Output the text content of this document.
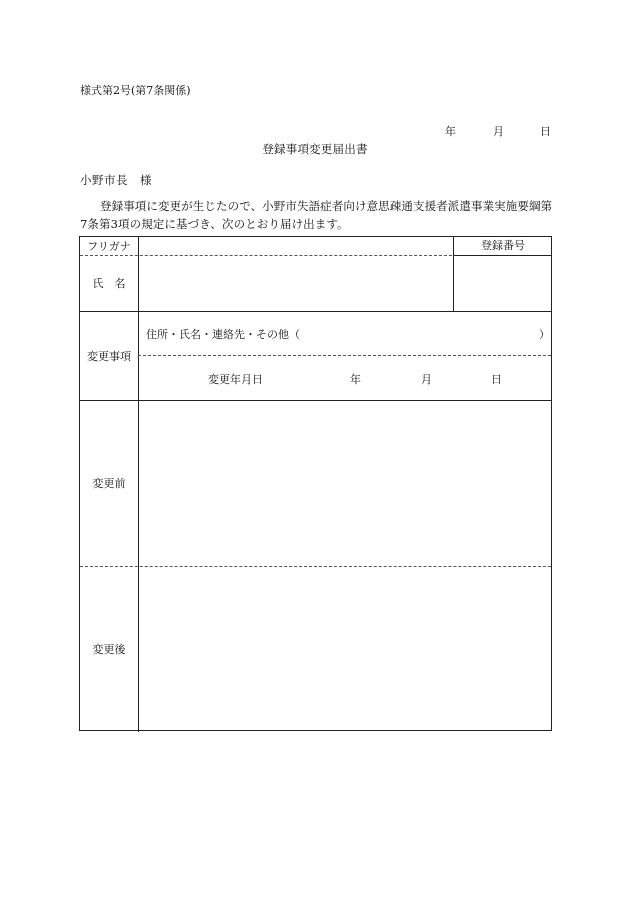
様式第2号(第7条関係)
年	月	日
登録事項変更届出書
小野市長　様
登録事項に変更が生じたので、小野市失語症者向け意思疎通支援者派遣事業実施要綱第7条第3項の規定に基づき、次のとおり届け出ます。
フリガナ	登録番号
氏　名
変更事項
住所・氏名・連絡先・その他（	）
変更年月日	年	月	日
変更前
変更後
